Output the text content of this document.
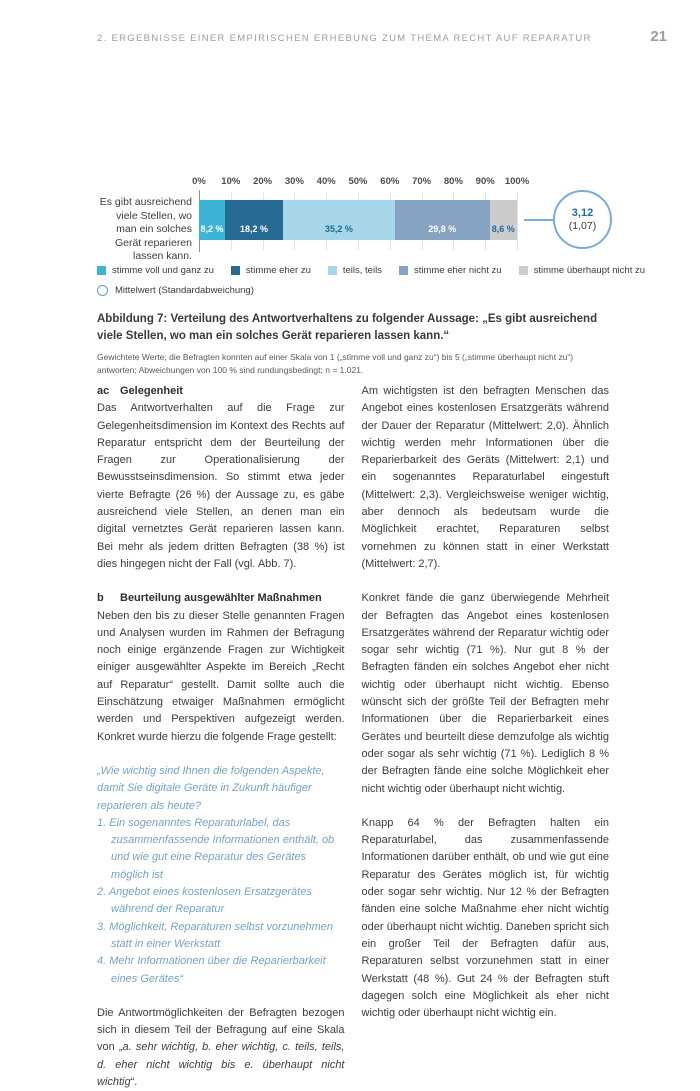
2. ERGEBNISSE EINER EMPIRISCHEN ERHEBUNG ZUM THEMA RECHT AUF REPARATUR	21
Es gibt ausreichend viele Stellen, wo man ein solches Gerät reparieren lassen kann.
0% 10% 20% 30% 40% 50% 60% 70% 80% 90% 100%
8,2 % 18,2 %	35,2 %	29,8 %	8,6 %
3,12
(1,07)
stimme voll und ganz zu	stimme eher zu	teils, teils	stimme eher nicht zu	stimme überhaupt nicht zu
Mittelwert (Standardabweichung)
Abbildung 7: Verteilung des Antwortverhaltens zu folgender Aussage: „Es gibt ausreichend viele Stellen, wo man ein solches Gerät reparieren lassen kann.“
Gewichtete Werte; die Befragten konnten auf einer Skala von 1 („stimme voll und ganz zu“) bis 5 („stimme überhaupt nicht zu“) antworten; Abweichungen von 100 % sind rundungsbedingt; n = 1.021.
ac Gelegenheit

Das Antwortverhalten auf die Frage zur Gelegenheitsdimension im Kontext des Rechts auf Reparatur entspricht dem der Beurteilung der Fragen zur Operationalisierung der Bewusstseinsdimension. So stimmt etwa jeder vierte Befragte (26 %) der Aussage zu, es gäbe ausreichend viele Stellen, an denen man ein digital vernetztes Gerät reparieren lassen kann. Bei mehr als jedem dritten Befragten (38 %) ist dies hingegen nicht der Fall (vgl. Abb. 7).

b Beurteilung ausgewählter Maßnahmen

Neben den bis zu dieser Stelle genannten Fragen und Analysen wurden im Rahmen der Befragung noch einige ergänzende Fragen zur Wichtigkeit einiger ausgewählter Aspekte im Bereich „Recht auf Reparatur“ gestellt. Damit sollte auch die Einschätzung etwaiger Maßnahmen ermöglicht werden und Perspektiven aufgezeigt werden. Konkret wurde hierzu die folgende Frage gestellt:

„Wie wichtig sind Ihnen die folgenden Aspekte, damit Sie digitale Geräte in Zukunft häufiger reparieren als heute?

1. Ein sogenanntes Reparaturlabel, das zusammenfassende Informationen enthält, ob und wie gut eine Reparatur des Gerätes möglich ist
2. Angebot eines kostenlosen Ersatzgerätes während der Reparatur
3. Möglichkeit, Reparaturen selbst vorzunehmen statt in einer Werkstatt
4. Mehr Informationen über die Reparierbarkeit eines Gerätes“

Die Antwortmöglichkeiten der Befragten bezogen sich in diesem Teil der Befragung auf eine Skala von „a. sehr wichtig, b. eher wichtig, c. teils, teils, d. eher nicht wichtig bis e. überhaupt nicht wichtig“.

Am wichtigsten ist den befragten Menschen das Angebot eines kostenlosen Ersatzgeräts während der Dauer der Reparatur (Mittelwert: 2,0). Ähnlich wichtig werden mehr Informationen über die Reparierbarkeit des Geräts (Mittelwert: 2,1) und ein sogenanntes Reparaturlabel eingestuft (Mittelwert: 2,3). Vergleichsweise weniger wichtig, aber dennoch als bedeutsam wurde die Möglichkeit erachtet, Reparaturen selbst vornehmen zu können statt in einer Werkstatt (Mittelwert: 2,7).

Konkret fände die ganz überwiegende Mehrheit der Befragten das Angebot eines kostenlosen Ersatzgerätes während der Reparatur wichtig oder sogar sehr wichtig (71 %). Nur gut 8 % der Befragten fänden ein solches Angebot eher nicht wichtig oder überhaupt nicht wichtig. Ebenso wünscht sich der größte Teil der Befragten mehr Informationen über die Reparierbarkeit eines Gerätes und beurteilt diese demzufolge als wichtig oder sogar als sehr wichtig (71 %). Lediglich 8 % der Befragten fände eine solche Möglichkeit eher nicht wichtig oder überhaupt nicht wichtig.

Knapp 64 % der Befragten halten ein Reparaturlabel, das zusammenfassende Informationen darüber enthält, ob und wie gut eine Reparatur des Gerätes möglich ist, für wichtig oder sogar sehr wichtig. Nur 12 % der Befragten fänden eine solche Maßnahme eher nicht wichtig oder überhaupt nicht wichtig. Daneben spricht sich ein großer Teil der Befragten dafür aus, Reparaturen selbst vorzunehmen statt in einer Werkstatt (48 %). Gut 24 % der Befragten stuft dagegen solch eine Möglichkeit als eher nicht wichtig oder überhaupt nicht wichtig ein.
